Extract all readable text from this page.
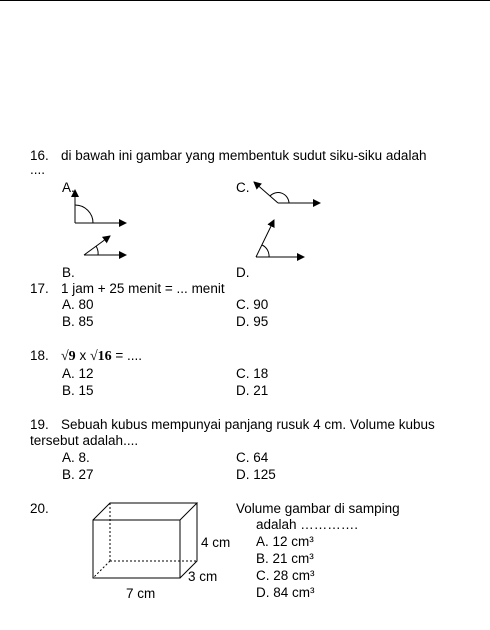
16. di bawah ini gambar yang membentuk sudut siku-siku adalah
....
A.	C.
B.	D.
17. 1 jam + 25 menit = ... menit
A. 80	C. 90
B. 85	D. 95
18. √9 x √16 = ....
A. 12	C. 18
B. 15	D. 21
19. Sebuah kubus mempunyai panjang rusuk 4 cm. Volume kubus
tersebut adalah....
A. 8.	C. 64
B. 27	D. 125
20.
4 cm
3 cm
7 cm
Volume gambar di samping
adalah ………….
A. 12 cm³
B. 21 cm³
C. 28 cm³
D. 84 cm³
